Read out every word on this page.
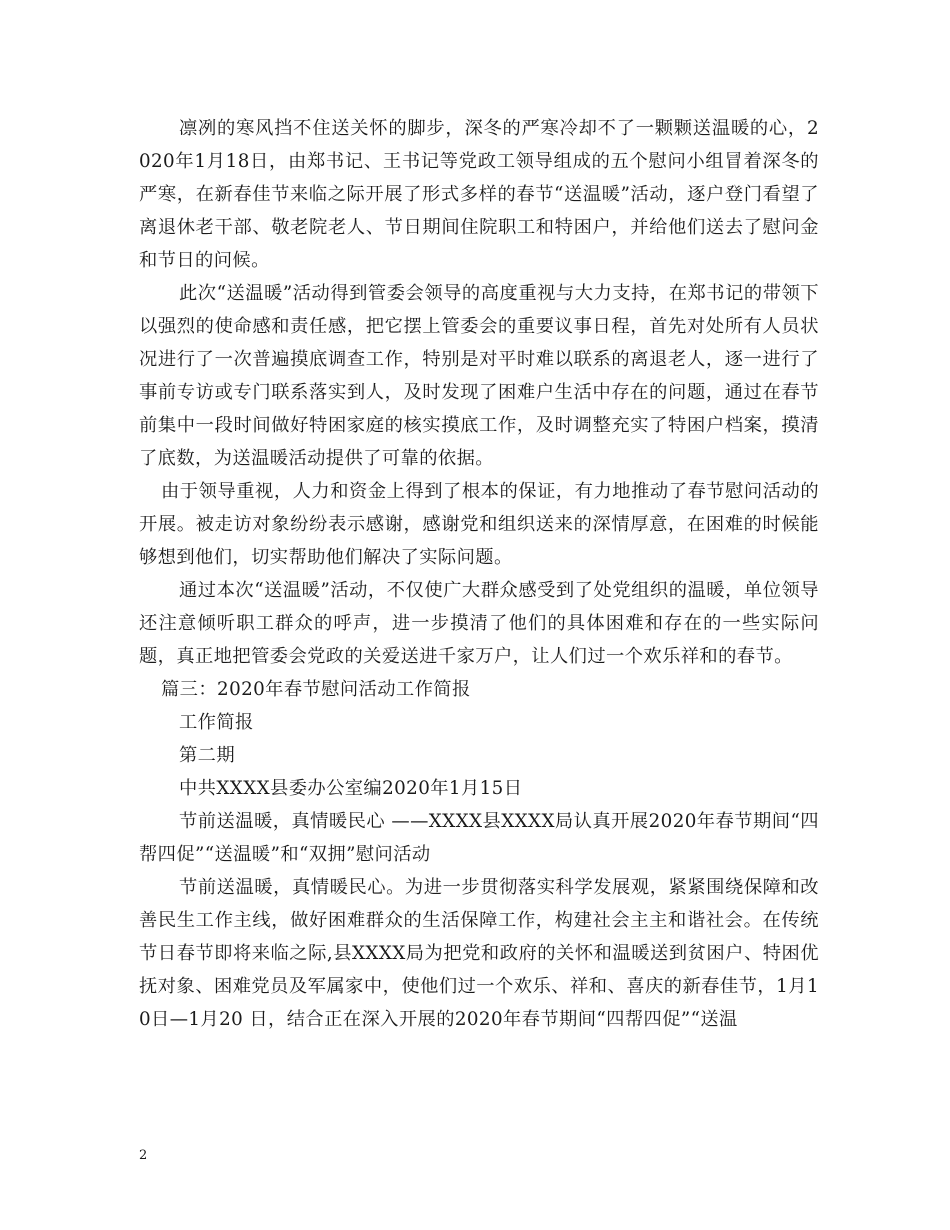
凛冽的寒风挡不住送关怀的脚步，深冬的严寒冷却不了一颗颗送温暖的心，2020年1月18日，由郑书记、王书记等党政工领导组成的五个慰问小组冒着深冬的严寒，在新春佳节来临之际开展了形式多样的春节“送温暖”活动，逐户登门看望了离退休老干部、敬老院老人、节日期间住院职工和特困户，并给他们送去了慰问金和节日的问候。

此次“送温暖”活动得到管委会领导的高度重视与大力支持，在郑书记的带领下以强烈的使命感和责任感，把它摆上管委会的重要议事日程，首先对处所有人员状况进行了一次普遍摸底调查工作，特别是对平时难以联系的离退老人，逐一进行了事前专访或专门联系落实到人，及时发现了困难户生活中存在的问题，通过在春节前集中一段时间做好特困家庭的核实摸底工作，及时调整充实了特困户档案，摸清了底数，为送温暖活动提供了可靠的依据。

由于领导重视，人力和资金上得到了根本的保证，有力地推动了春节慰问活动的开展。被走访对象纷纷表示感谢，感谢党和组织送来的深情厚意，在困难的时候能够想到他们，切实帮助他们解决了实际问题。

通过本次“送温暖”活动，不仅使广大群众感受到了处党组织的温暖，单位领导还注意倾听职工群众的呼声，进一步摸清了他们的具体困难和存在的一些实际问题，真正地把管委会党政的关爱送进千家万户，让人们过一个欢乐祥和的春节。

篇三：2020年春节慰问活动工作简报

工作简报

第二期

中共XXXX县委办公室编2020年1月15日

节前送温暖，真情暖民心 ——XXXX县XXXX局认真开展2020年春节期间“四帮四促”“送温暖”和“双拥”慰问活动

节前送温暖，真情暖民心。为进一步贯彻落实科学发展观，紧紧围绕保障和改善民生工作主线，做好困难群众的生活保障工作，构建社会主主和谐社会。在传统节日春节即将来临之际,县XXXX局为把党和政府的关怀和温暖送到贫困户、特困优抚对象、困难党员及军属家中，使他们过一个欢乐、祥和、喜庆的新春佳节，1月10日—1月20 日，结合正在深入开展的2020年春节期间“四帮四促”“送温

2
